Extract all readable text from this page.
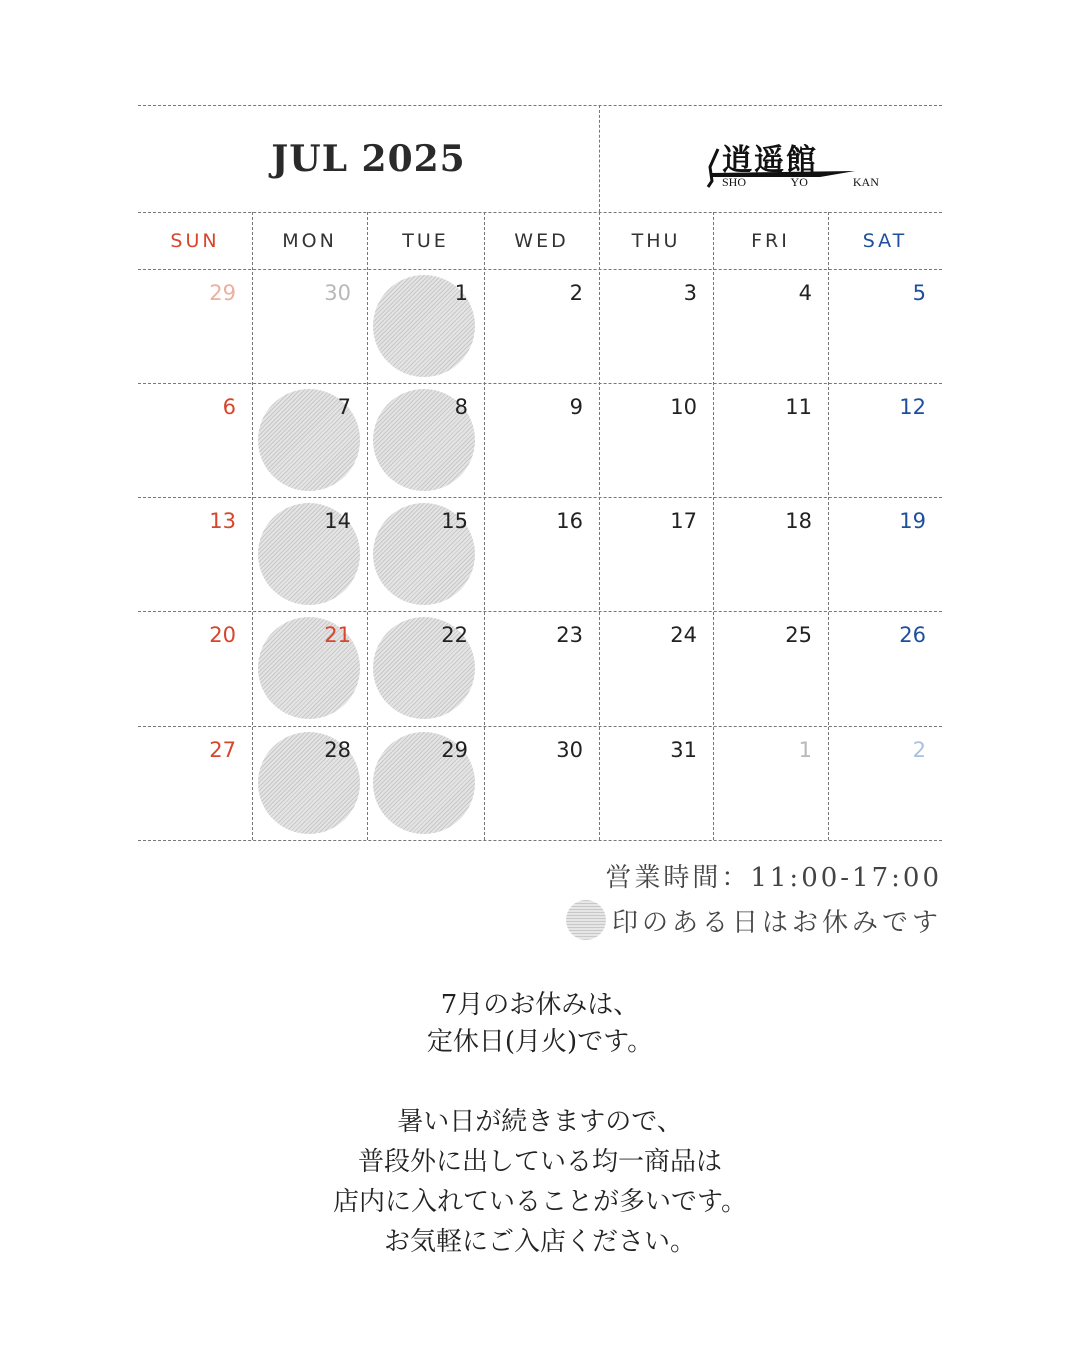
JUL 2025	逍遥館
SHO   YO   KAN
SUN	MON	TUE	WED	THU	FRI	SAT
29	30	1	2	3	4	5
6	7	8	9	10	11	12
13	14	15	16	17	18	19
20	21	22	23	24	25	26
27	28	29	30	31	1	2
営業時間：11:00-17:00
印のある日はお休みです
7月のお休みは、
定休日(月火)です。
暑い日が続きますので、
普段外に出している均一商品は
店内に入れていることが多いです。
お気軽にご入店ください。
